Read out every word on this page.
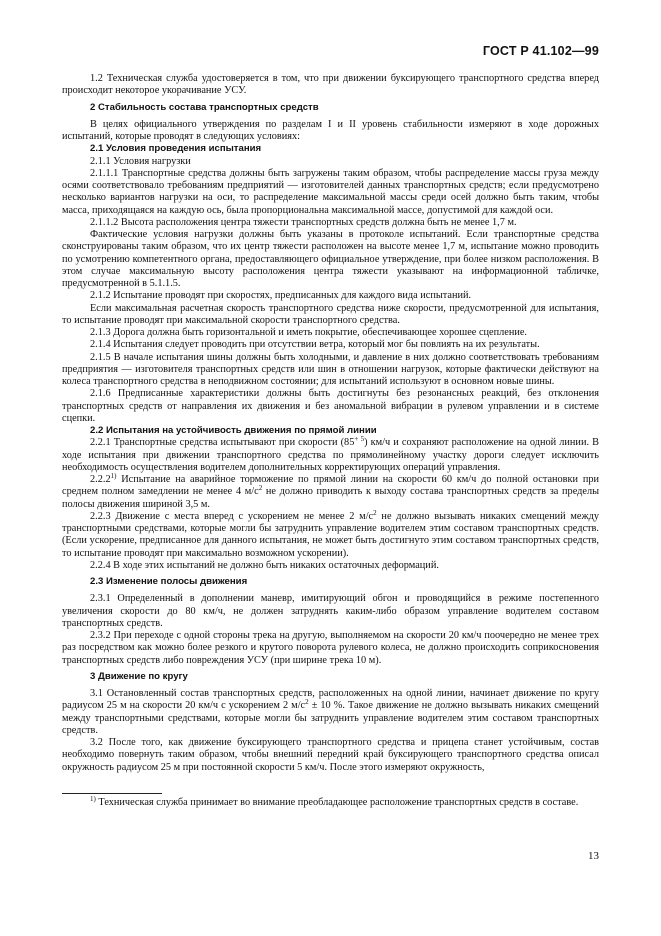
ГОСТ Р 41.102—99

1.2 Техническая служба удостоверяется в том, что при движении буксирующего транспортного средства вперед происходит некоторое укорачивание УСУ.

2 Стабильность состава транспортных средств

В целях официального утверждения по разделам I и II уровень стабильности измеряют в ходе дорожных испытаний, которые проводят в следующих условиях:

2.1 Условия проведения испытания

2.1.1 Условия нагрузки

2.1.1.1 Транспортные средства должны быть загружены таким образом, чтобы распределение массы груза между осями соответствовало требованиям предприятий — изготовителей данных транспортных средств; если предусмотрено несколько вариантов нагрузки на оси, то распределение максимальной массы среди осей должно быть таким, чтобы масса, приходящаяся на каждую ось, была пропорциональна максимальной массе, допустимой для каждой оси.

2.1.1.2 Высота расположения центра тяжести транспортных средств должна быть не менее 1,7 м.

Фактические условия нагрузки должны быть указаны в протоколе испытаний. Если транспортные средства сконструированы таким образом, что их центр тяжести расположен на высоте менее 1,7 м, испытание можно проводить по усмотрению компетентного органа, предоставляющего официальное утверждение, при более низком расположения. В этом случае максимальную высоту расположения центра тяжести указывают на информационной табличке, предусмотренной в 5.1.1.5.

2.1.2 Испытание проводят при скоростях, предписанных для каждого вида испытаний.

Если максимальная расчетная скорость транспортного средства ниже скорости, предусмотренной для испытания, то испытание проводят при максимальной скорости транспортного средства.

2.1.3 Дорога должна быть горизонтальной и иметь покрытие, обеспечивающее хорошее сцепление.

2.1.4 Испытания следует проводить при отсутствии ветра, который мог бы повлиять на их результаты.

2.1.5 В начале испытания шины должны быть холодными, и давление в них должно соответствовать требованиям предприятия — изготовителя транспортных средств или шин в отношении нагрузок, которые фактически действуют на колеса транспортного средства в неподвижном состоянии; для испытаний используют в основном новые шины.

2.1.6 Предписанные характеристики должны быть достигнуты без резонансных реакций, без отклонения транспортных средств от направления их движения и без аномальной вибрации в рулевом управлении и в системе сцепки.

2.2 Испытания на устойчивость движения по прямой линии

2.2.1 Транспортные средства испытывают при скорости $(85^{+ 5})$ км/ч и сохраняют расположение на одной линии. В ходе испытания при движении транспортного средства по прямолинейному участку дороги следует исключить необходимость осуществления водителем дополнительных корректирующих операций управления.

2.2.2$^{1)}$ Испытание на аварийное торможение по прямой линии на скорости 60 км/ч до полной остановки при среднем полном замедлении не менее 4 $м/с^2$ не должно приводить к выходу состава транспортных средств за пределы полосы движения шириной 3,5 м.

2.2.3 Движение с места вперед с ускорением не менее 2 $м/с^2$ не должно вызывать никаких смещений между транспортными средствами, которые могли бы затруднить управление водителем этим составом транспортных средств. (Если ускорение, предписанное для данного испытания, не может быть достигнуто этим составом транспортных средств, то испытание проводят при максимально возможном ускорении).

2.2.4 В ходе этих испытаний не должно быть никаких остаточных деформаций.

2.3 Изменение полосы движения

2.3.1 Определенный в дополнении маневр, имитирующий обгон и проводящийся в режиме постепенного увеличения скорости до 80 км/ч, не должен затруднять каким-либо образом управление водителем составом транспортных средств.

2.3.2 При переходе с одной стороны трека на другую, выполняемом на скорости 20 км/ч поочередно не менее трех раз посредством как можно более резкого и крутого поворота рулевого колеса, не должно происходить соприкосновения транспортных средств либо повреждения УСУ (при ширине трека 10 м).

3 Движение по кругу

3.1 Остановленный состав транспортных средств, расположенных на одной линии, начинает движение по кругу радиусом 25 м на скорости 20 км/ч с ускорением 2 $м/с^2 \pm 10$ %. Такое движение не должно вызывать никаких смещений между транспортными средствами, которые могли бы затруднить управление водителем этим составом транспортных средств.

3.2 После того, как движение буксирующего транспортного средства и прицепа станет устойчивым, состав необходимо повернуть таким образом, чтобы внешний передний край буксирующего транспортного средства описал окружность радиусом 25 м при постоянной скорости 5 км/ч. После этого измеряют окружность,

$^{1)}$ Техническая служба принимает во внимание преобладающее расположение транспортных средств в составе.

13
